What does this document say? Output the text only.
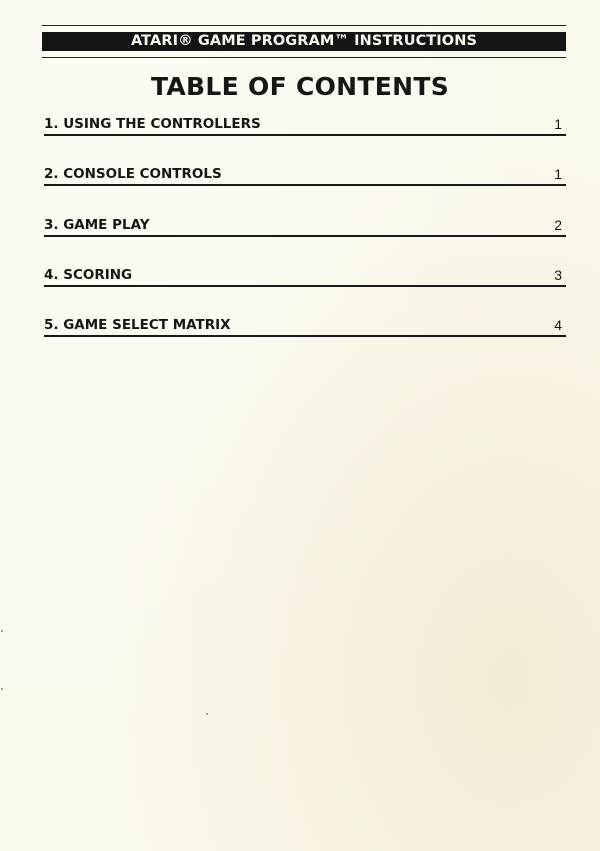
ATARI® GAME PROGRAM™ INSTRUCTIONS
TABLE OF CONTENTS
1. USING THE CONTROLLERS	1
2. CONSOLE CONTROLS	1
3. GAME PLAY	2
4. SCORING	3
5. GAME SELECT MATRIX	4
